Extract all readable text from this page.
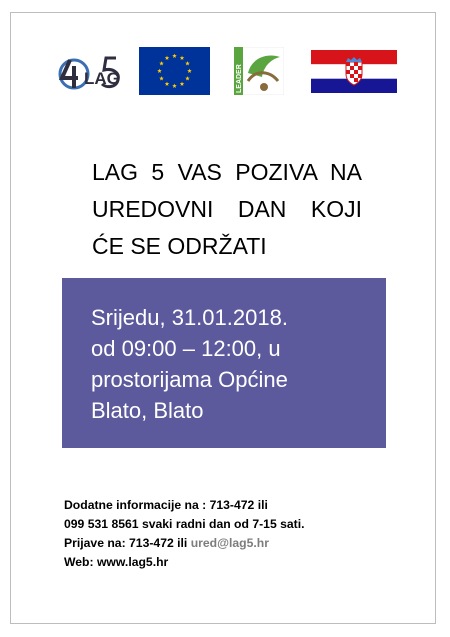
LAG	LEADER
LAG 5 VAS POZIVA NA
UREDOVNI DAN KOJI
ĆE SE ODRŽATI
Srijedu, 31.01.2018.
od 09:00 – 12:00, u
prostorijama Općine
Blato, Blato
Dodatne informacije na : 713-472 ili
099 531 8561 svaki radni dan od 7-15 sati.
Prijave na: 713-472 ili ured@lag5.hr
Web: www.lag5.hr
